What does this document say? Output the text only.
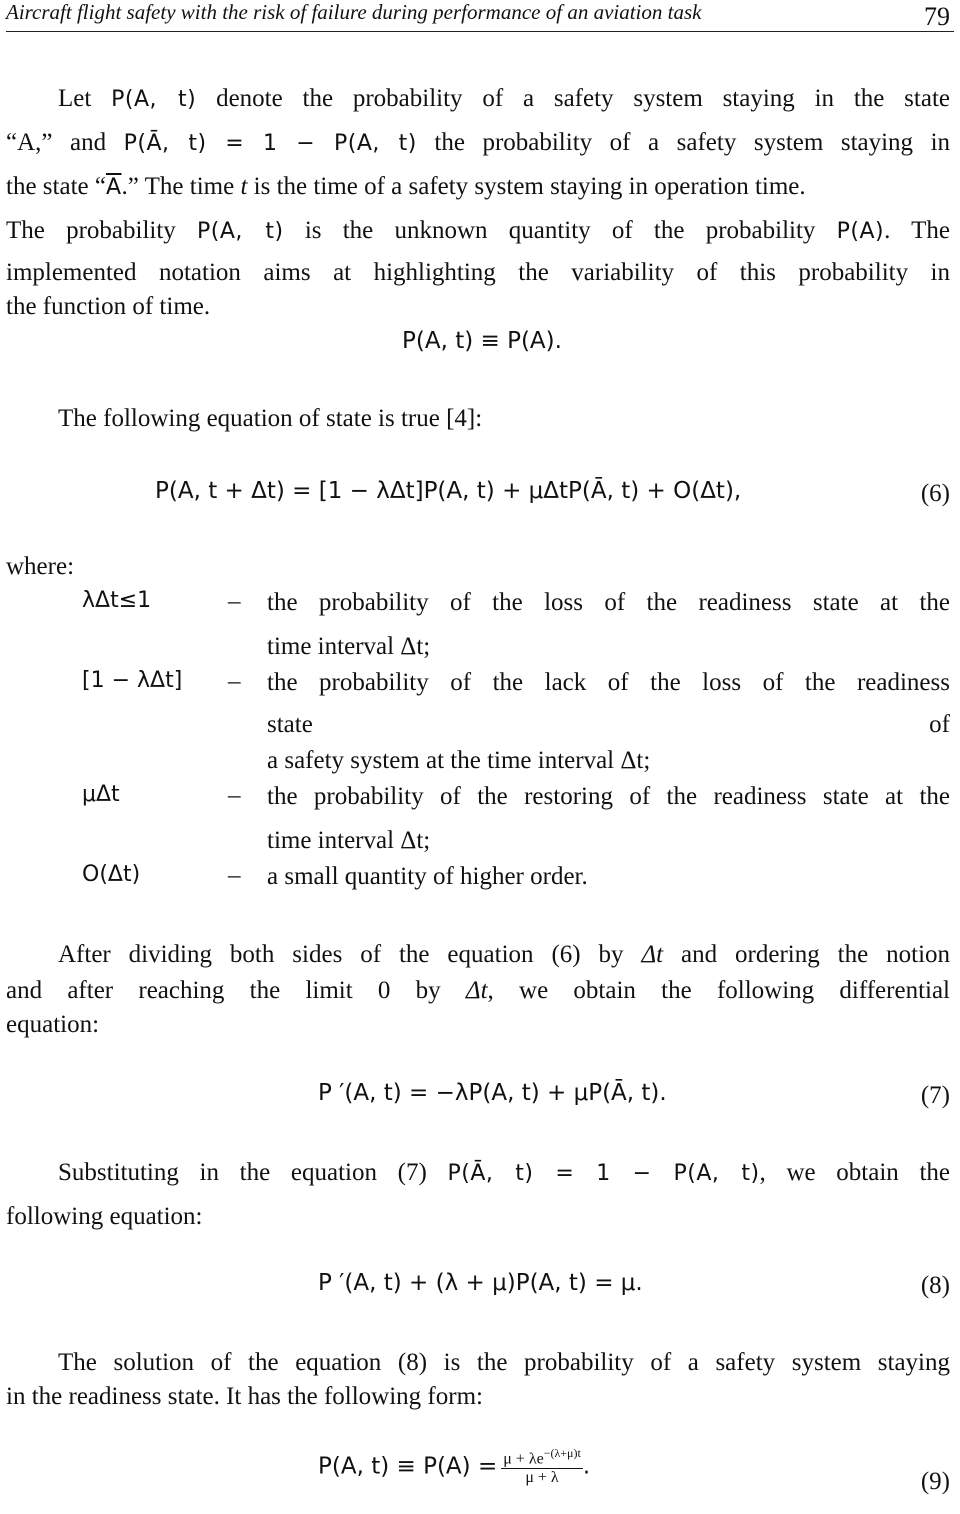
Aircraft flight safety with the risk of failure during performance of an aviation task	79
Let P(A, t) denote the probability of a safety system staying in the state
“A,” and P(Ā, t) = 1 − P(A, t) the probability of a safety system staying in
the state “$\overline{A}$.” The time t is the time of a safety system staying in operation time.
The probability P(A, t) is the unknown quantity of the probability P(A). The
implemented notation aims at highlighting the variability of this probability in
the function of time.
P(A, t) ≡ P(A).
The following equation of state is true [4]:
P(A, t + Δt) = [1 − λΔt]P(A, t) + μΔtP(Ā, t) + O(Δt),	(6)
where:
λΔt≤1	– the probability of the loss of the readiness state at the
time interval Δt;
[1 − λΔt] – the probability of the lack of the loss of the readiness
state	of
a safety system at the time interval Δt;
μΔt	– the probability of the restoring of the readiness state at the
time interval Δt;
O(Δt)	– a small quantity of higher order.
After dividing both sides of the equation (6) by Δt and ordering the notion
and after reaching the limit 0 by Δt, we obtain the following differential
equation:
P ′(A, t) = −λP(A, t) + μP(Ā, t).	(7)
Substituting in the equation (7) P(Ā, t) = 1 − P(A, t), we obtain the
following equation:
P ′(A, t) + (λ + μ)P(A, t) = μ.	(8)
The solution of the equation (8) is the probability of a safety system staying
in the readiness state. It has the following form:
P(A, $t) \equiv P(A) = \frac{\mu + \lambda e^{-(\lambda+\mu)t}}{\mu + \lambda}$ .
(9)
